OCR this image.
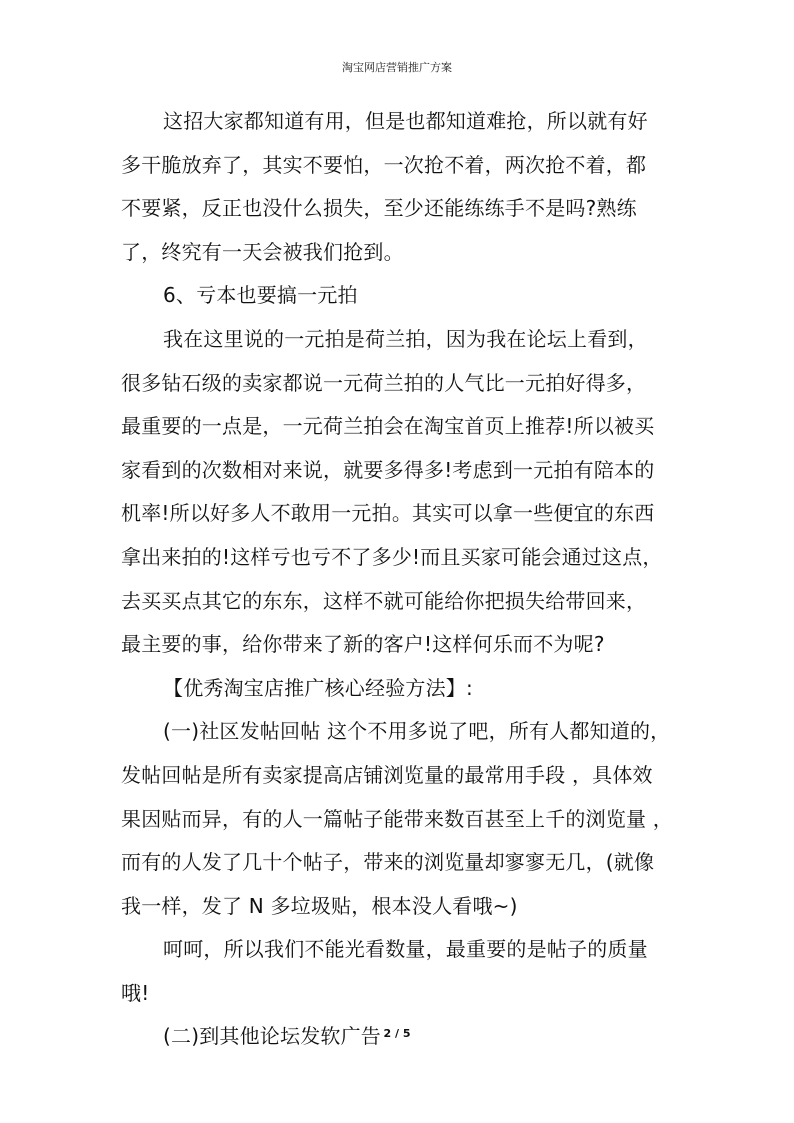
淘宝网店营销推广方案
这招大家都知道有用，但是也都知道难抢，所以就有好
多干脆放弃了，其实不要怕，一次抢不着，两次抢不着，都
不要紧，反正也没什么损失，至少还能练练手不是吗?熟练
了，终究有一天会被我们抢到。
6、亏本也要搞一元拍
我在这里说的一元拍是荷兰拍，因为我在论坛上看到，
很多钻石级的卖家都说一元荷兰拍的人气比一元拍好得多，
最重要的一点是，一元荷兰拍会在淘宝首页上推荐!所以被买
家看到的次数相对来说，就要多得多!考虑到一元拍有陪本的
机率!所以好多人不敢用一元拍。其实可以拿一些便宜的东西
拿出来拍的!这样亏也亏不了多少!而且买家可能会通过这点，
去买买点其它的东东，这样不就可能给你把损失给带回来，
最主要的事，给你带来了新的客户!这样何乐而不为呢?
【优秀淘宝店推广核心经验方法】:
(一)社区发帖回帖 这个不用多说了吧，所有人都知道的，
发帖回帖是所有卖家提高店铺浏览量的最常用手段 ，具体效
果因贴而异，有的人一篇帖子能带来数百甚至上千的浏览量 ，
而有的人发了几十个帖子，带来的浏览量却寥寥无几，(就像
我一样，发了 N 多垃圾贴，根本没人看哦~)
呵呵，所以我们不能光看数量，最重要的是帖子的质量
哦!
(二)到其他论坛发软广告 2 / 5
